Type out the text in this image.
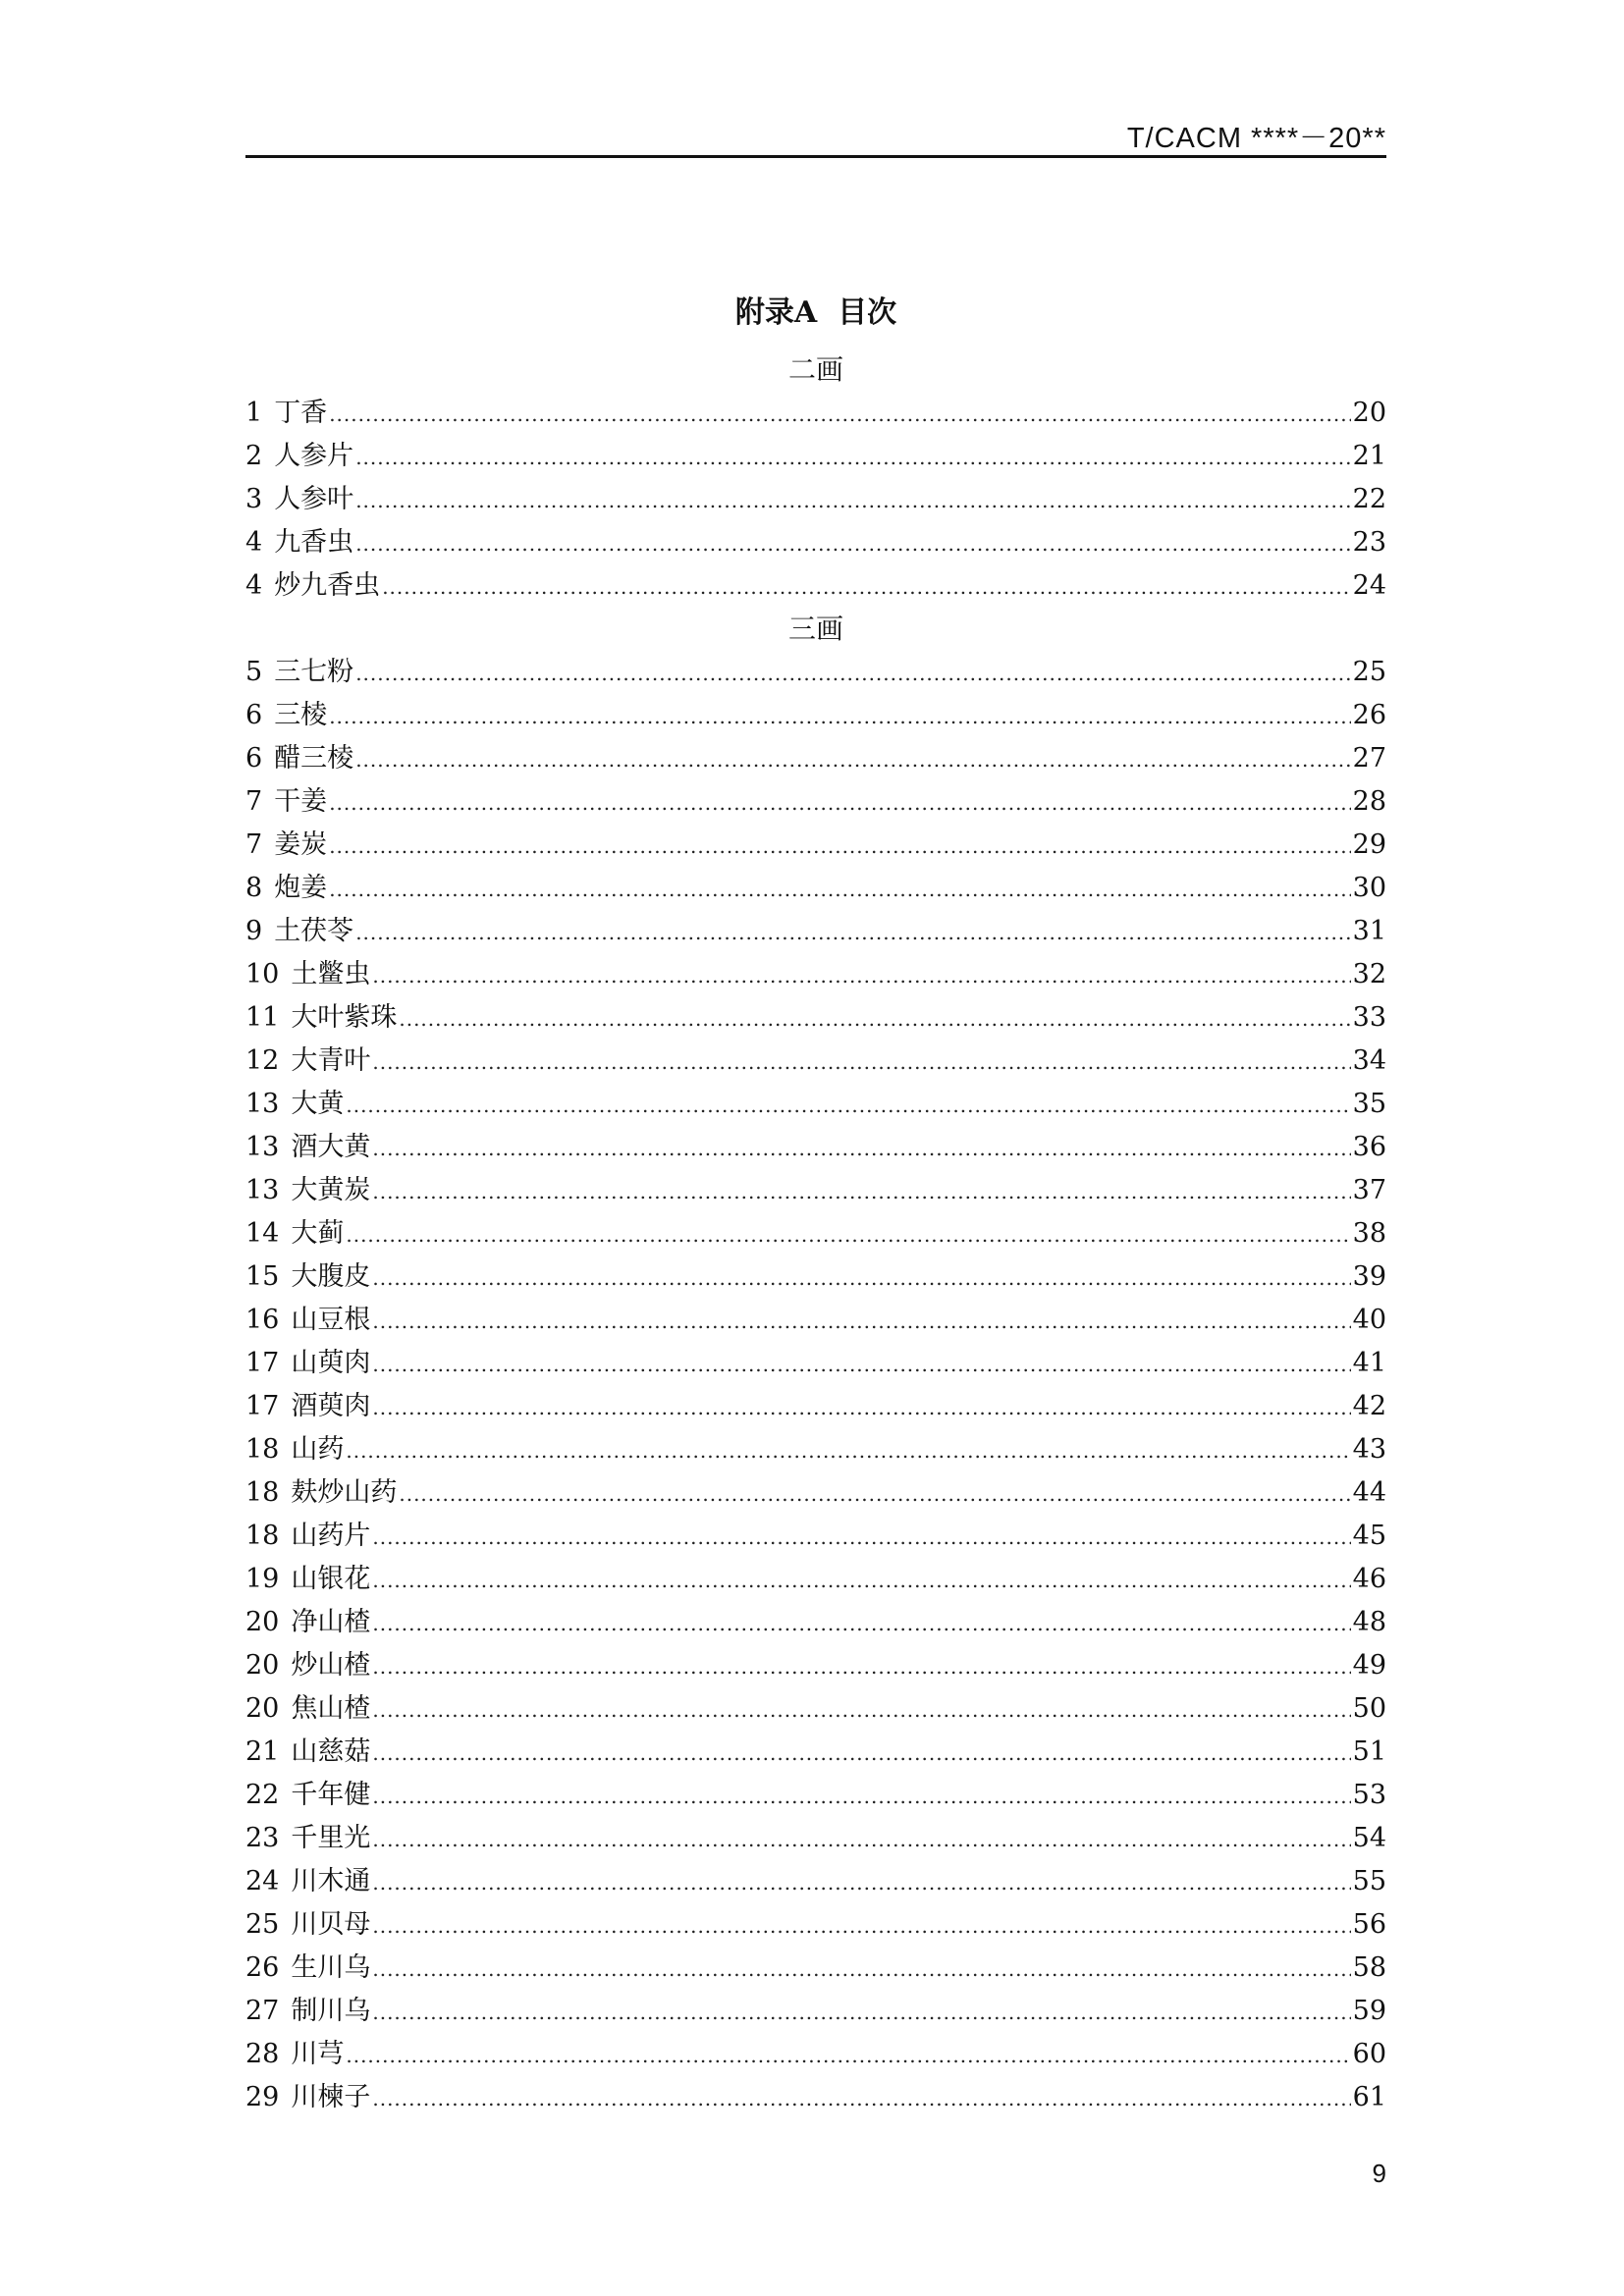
T/CACM ****－20**
附录A  目次
二画
1 丁香 .....	20
2 人参片 .....	21
3 人参叶 .....	22
4 九香虫 .....	23
4 炒九香虫 .....	24
三画
5 三七粉 .....	25
6 三棱 .....	26
6 醋三棱 .....	27
7 干姜 .....	28
7 姜炭 .....	29
8 炮姜 .....	30
9 土茯苓 .....	31
10 土鳖虫 .....	32
11 大叶紫珠 .....	33
12 大青叶 .....	34
13 大黄 .....	35
13 酒大黄 .....	36
13 大黄炭 .....	37
14 大蓟 .....	38
15 大腹皮 .....	39
16 山豆根 .....	40
17 山萸肉 .....	41
17 酒萸肉 .....	42
18 山药 .....	43
18 麸炒山药 .....	44
18 山药片 .....	45
19 山银花 .....	46
20 净山楂 .....	48
20 炒山楂 .....	49
20 焦山楂 .....	50
21 山慈菇 .....	51
22 千年健 .....	53
23 千里光 .....	54
24 川木通 .....	55
25 川贝母 .....	56
26 生川乌 .....	58
27 制川乌 .....	59
28 川芎 .....	60
29 川楝子 .....	61
9
